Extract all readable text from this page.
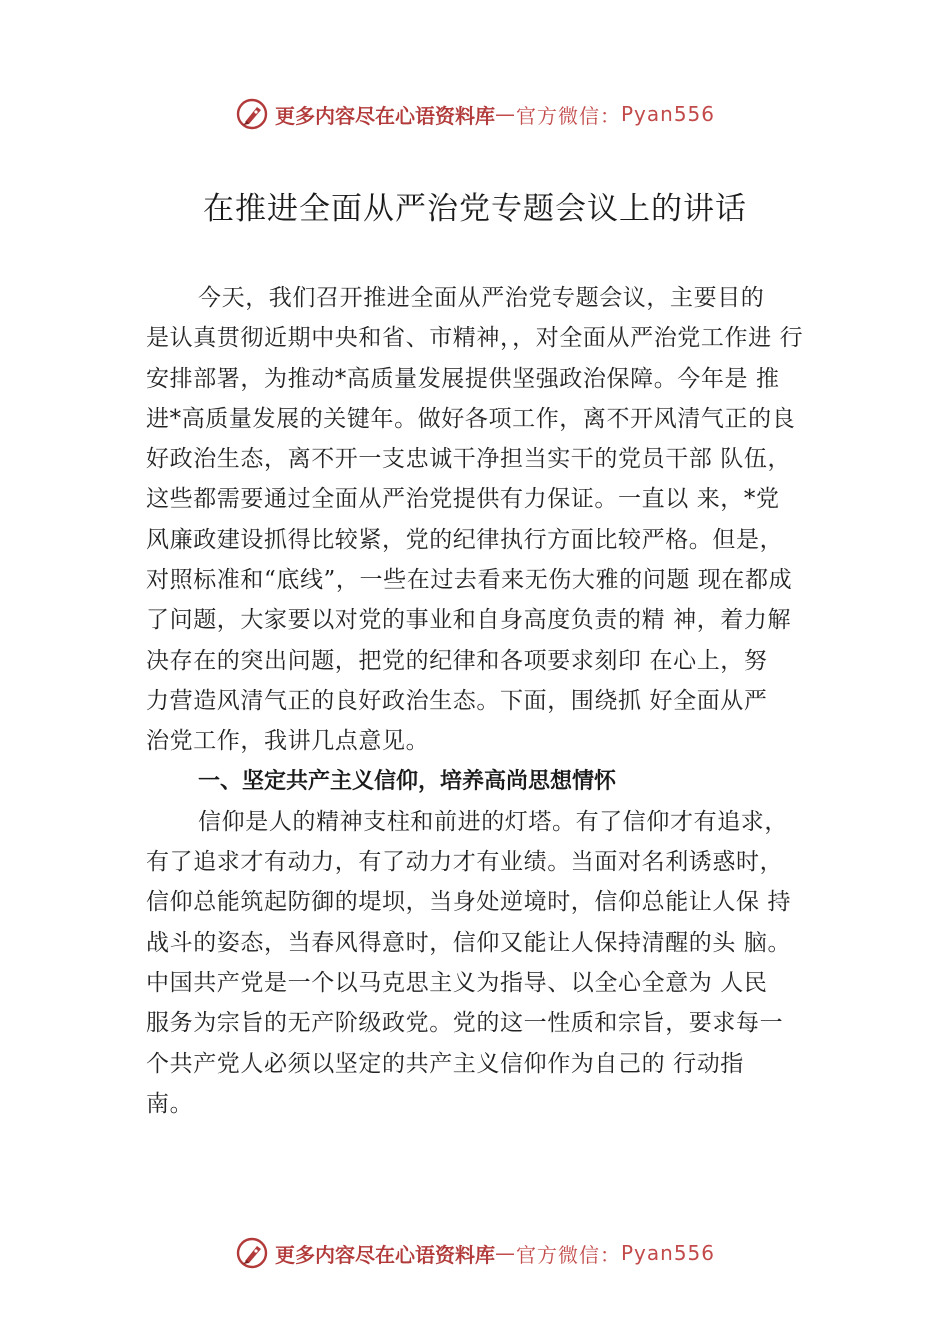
更多内容尽在心语资料库 — 官方微信： Pyan556
在推进全面从严治党专题会议上的讲话
今天，我们召开推进全面从严治党专题会议，主要目的
是认真贯彻近期中央和省、市精神，，对全面从严治党工作进 行
安排部署，为推动*高质量发展提供坚强政治保障。今年是 推
进*高质量发展的关键年。做好各项工作，离不开风清气正的良
好政治生态，离不开一支忠诚干净担当实干的党员干部 队伍，
这些都需要通过全面从严治党提供有力保证。一直以 来，*党
风廉政建设抓得比较紧，党的纪律执行方面比较严格。但是，
对照标准和“底线”，一些在过去看来无伤大雅的问题 现在都成
了问题，大家要以对党的事业和自身高度负责的精 神，着力解
决存在的突出问题，把党的纪律和各项要求刻印 在心上，努
力营造风清气正的良好政治生态。下面，围绕抓 好全面从严
治党工作，我讲几点意见。
一、坚定共产主义信仰，培养高尚思想情怀
信仰是人的精神支柱和前进的灯塔。有了信仰才有追求，
有了追求才有动力，有了动力才有业绩。当面对名利诱惑时，
信仰总能筑起防御的堤坝，当身处逆境时，信仰总能让人保 持
战斗的姿态，当春风得意时，信仰又能让人保持清醒的头 脑。
中国共产党是一个以马克思主义为指导、以全心全意为 人民
服务为宗旨的无产阶级政党。党的这一性质和宗旨，要求每一
个共产党人必须以坚定的共产主义信仰作为自己的 行动指
南。
更多内容尽在心语资料库 — 官方微信： Pyan556
